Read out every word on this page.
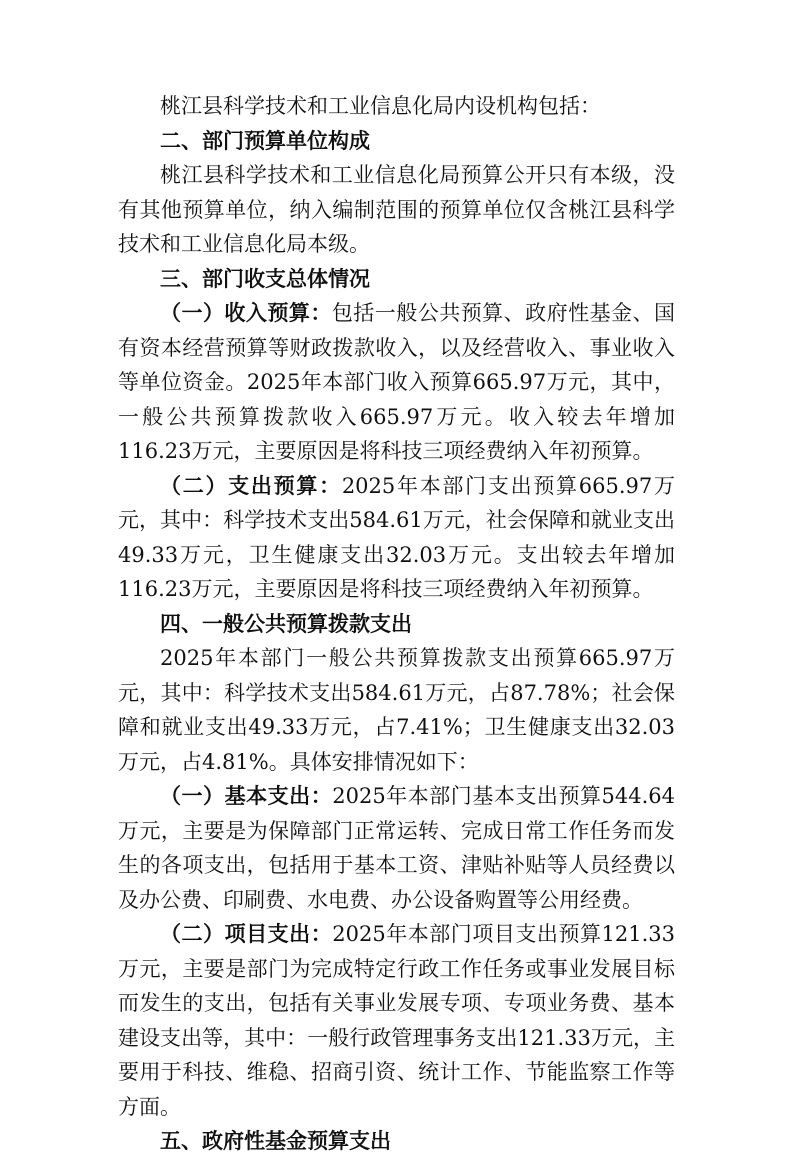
桃江县科学技术和工业信息化局内设机构包括：

二、部门预算单位构成

桃江县科学技术和工业信息化局预算公开只有本级，没有其他预算单位，纳入编制范围的预算单位仅含桃江县科学技术和工业信息化局本级。

三、部门收支总体情况

（一）收入预算：包括一般公共预算、政府性基金、国有资本经营预算等财政拨款收入，以及经营收入、事业收入等单位资金。2025年本部门收入预算665.97万元，其中，一般公共预算拨款收入665.97万元。收入较去年增加116.23万元，主要原因是将科技三项经费纳入年初预算。

（二）支出预算：2025年本部门支出预算665.97万元，其中：科学技术支出584.61万元，社会保障和就业支出49.33万元，卫生健康支出32.03万元。支出较去年增加116.23万元，主要原因是将科技三项经费纳入年初预算。

四、一般公共预算拨款支出

2025年本部门一般公共预算拨款支出预算665.97万元，其中：科学技术支出584.61万元，占87.78%；社会保障和就业支出49.33万元，占7.41%；卫生健康支出32.03万元，占4.81%。具体安排情况如下：

（一）基本支出：2025年本部门基本支出预算544.64万元，主要是为保障部门正常运转、完成日常工作任务而发生的各项支出，包括用于基本工资、津贴补贴等人员经费以及办公费、印刷费、水电费、办公设备购置等公用经费。

（二）项目支出：2025年本部门项目支出预算121.33万元，主要是部门为完成特定行政工作任务或事业发展目标而发生的支出，包括有关事业发展专项、专项业务费、基本建设支出等，其中：一般行政管理事务支出121.33万元，主要用于科技、维稳、招商引资、统计工作、节能监察工作等方面。

五、政府性基金预算支出
